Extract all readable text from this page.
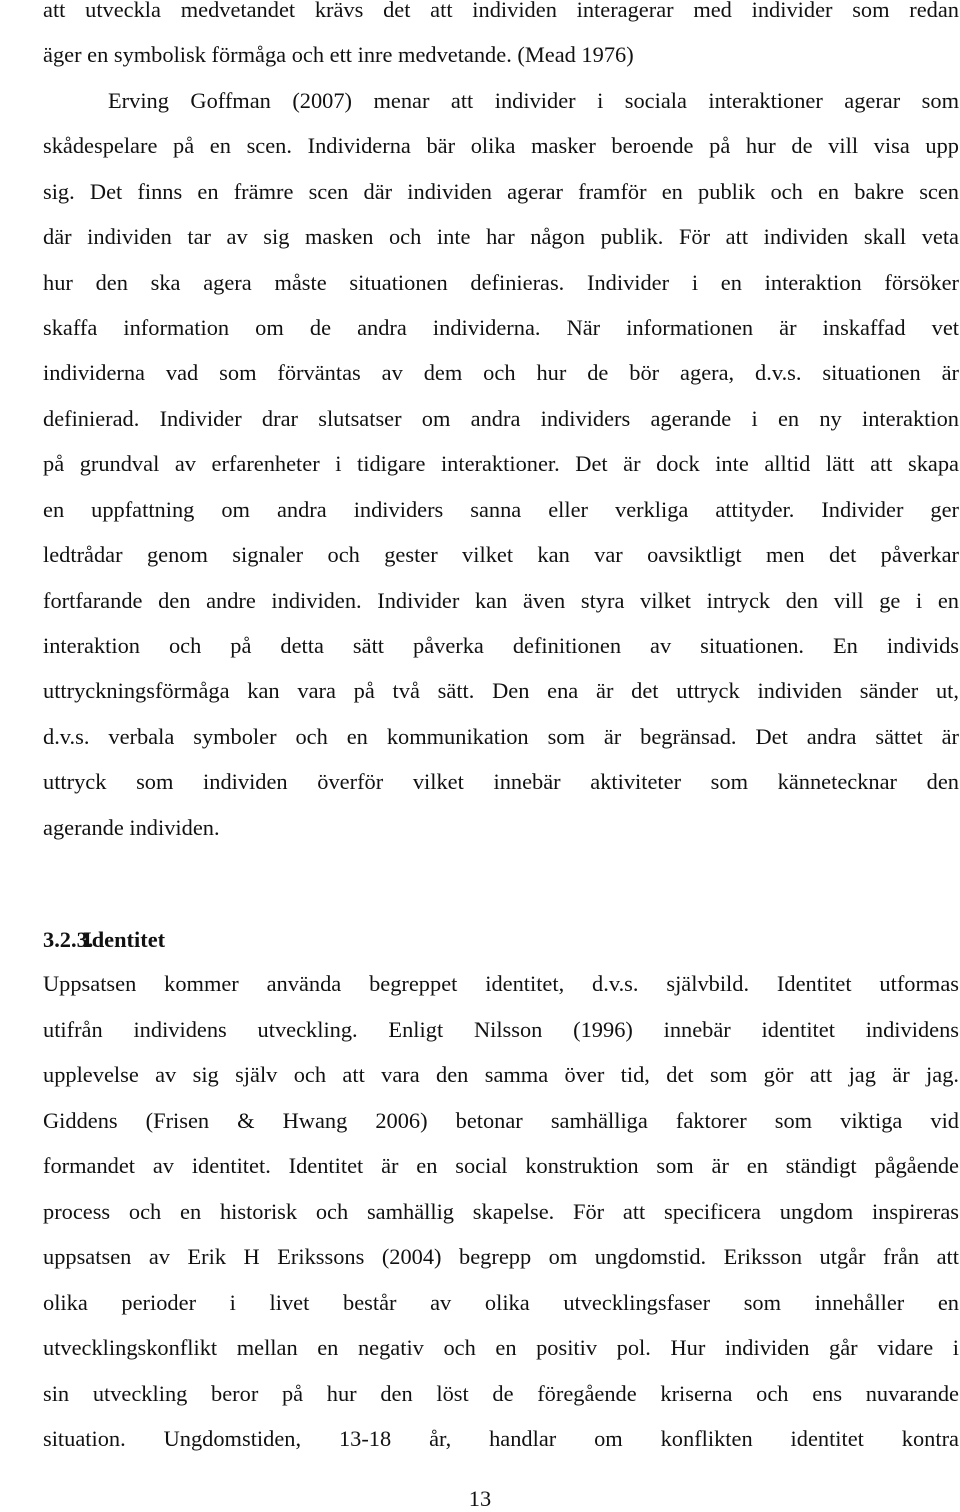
att utveckla medvetandet krävs det att individen interagerar med individer som redan
äger en symbolisk förmåga och ett inre medvetande. (Mead 1976)
Erving Goffman (2007) menar att individer i sociala interaktioner agerar som
skådespelare på en scen. Individerna bär olika masker beroende på hur de vill visa upp
sig. Det finns en främre scen där individen agerar framför en publik och en bakre scen
där individen tar av sig masken och inte har någon publik. För att individen skall veta
hur den ska agera måste situationen definieras. Individer i en interaktion försöker
skaffa information om de andra individerna. När informationen är inskaffad vet
individerna vad som förväntas av dem och hur de bör agera, d.v.s. situationen är
definierad. Individer drar slutsatser om andra individers agerande i en ny interaktion
på grundval av erfarenheter i tidigare interaktioner. Det är dock inte alltid lätt att skapa
en uppfattning om andra individers sanna eller verkliga attityder. Individer ger
ledtrådar genom signaler och gester vilket kan var oavsiktligt men det påverkar
fortfarande den andre individen. Individer kan även styra vilket intryck den vill ge i en
interaktion och på detta sätt påverka definitionen av situationen. En individs
uttryckningsförmåga kan vara på två sätt. Den ena är det uttryck individen sänder ut,
d.v.s. verbala symboler och en kommunikation som är begränsad. Det andra sättet är
uttryck som individen överför vilket innebär aktiviteter som kännetecknar den
agerande individen.
3.2.3.Identitet
Uppsatsen kommer använda begreppet identitet, d.v.s. självbild. Identitet utformas
utifrån individens utveckling. Enligt Nilsson (1996) innebär identitet individens
upplevelse av sig själv och att vara den samma över tid, det som gör att jag är jag.
Giddens (Frisen & Hwang 2006) betonar samhälliga faktorer som viktiga vid
formandet av identitet. Identitet är en social konstruktion som är en ständigt pågående
process och en historisk och samhällig skapelse. För att specificera ungdom inspireras
uppsatsen av Erik H Erikssons (2004) begrepp om ungdomstid. Eriksson utgår från att
olika perioder i livet består av olika utvecklingsfaser som innehåller en
utvecklingskonflikt mellan en negativ och en positiv pol. Hur individen går vidare i
sin utveckling beror på hur den löst de föregående kriserna och ens nuvarande
situation. Ungdomstiden, 13-18 år, handlar om konflikten identitet kontra
13
